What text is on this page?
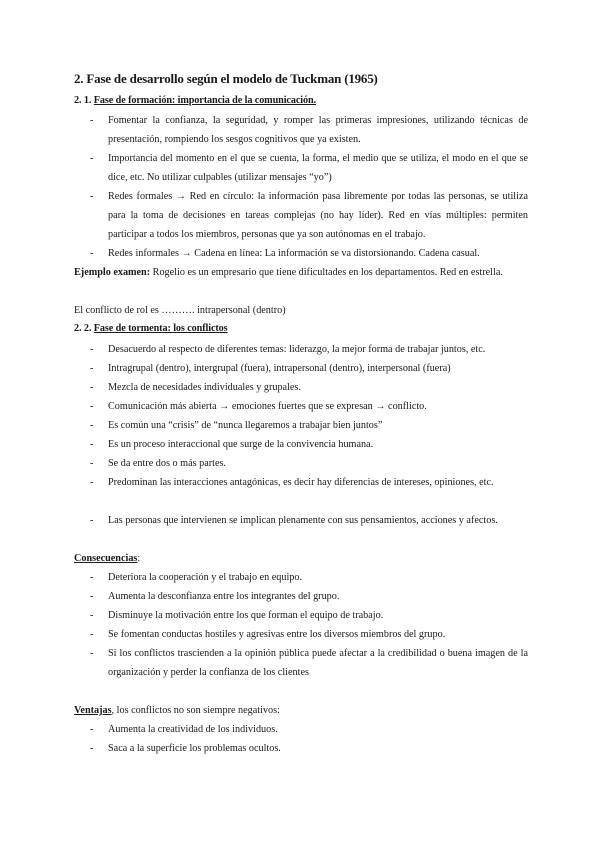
2. Fase de desarrollo según el modelo de Tuckman (1965)
2. 1. Fase de formación: importancia de la comunicación.
-	Fomentar la confianza, la seguridad, y romper las primeras impresiones, utilizando técnicas de presentación, rompiendo los sesgos cognitivos que ya existen.
-	Importancia del momento en el que se cuenta, la forma, el medio que se utiliza, el modo en el que se dice, etc. No utilizar culpables (utilizar mensajes “yo”)
-	Redes formales → Red en círculo: la información pasa libremente por todas las personas, se utiliza para la toma de decisiones en tareas complejas (no hay líder). Red en vías múltiples: permiten participar a todos los miembros, personas que ya son autónomas en el trabajo.
-	Redes informales → Cadena en línea: La información se va distorsionando. Cadena casual.
Ejemplo examen: Rogelio es un empresario que tiene dificultades en los departamentos. Red en estrella.
El conflicto de rol es ………. intrapersonal (dentro)
2. 2. Fase de tormenta: los conflictos
-	Desacuerdo al respecto de diferentes temas: liderazgo, la mejor forma de trabajar juntos, etc.
-	Intragrupal (dentro), intergrupal (fuera), intrapersonal (dentro), interpersonal (fuera)
-	Mezcla de necesidades individuales y grupales.
-	Comunicación más abierta → emociones fuertes que se expresan → conflicto.
-	Es común una “crisis” de “nunca llegaremos a trabajar bien juntos”
-	Es un proceso interaccional que surge de la convivencia humana.
-	Se da entre dos o más partes.
-	Predominan las interacciones antagónicas, es decir hay diferencias de intereses, opiniones, etc.
-	Las personas que intervienen se implican plenamente con sus pensamientos, acciones y afectos.
Consecuencias:
-	Deteriora la cooperación y el trabajo en equipo.
-	Aumenta la desconfianza entre los integrantes del grupo.
-	Disminuye la motivación entre los que forman el equipo de trabajo.
-	Se fomentan conductas hostiles y agresivas entre los diversos miembros del grupo.
-	Si los conflictos trascienden a la opinión pública puede afectar a la credibilidad o buena imagen de la organización y perder la confianza de los clientes
Ventajas, los conflictos no son siempre negativos:
-	Aumenta la creatividad de los individuos.
-	Saca a la superficie los problemas ocultos.
